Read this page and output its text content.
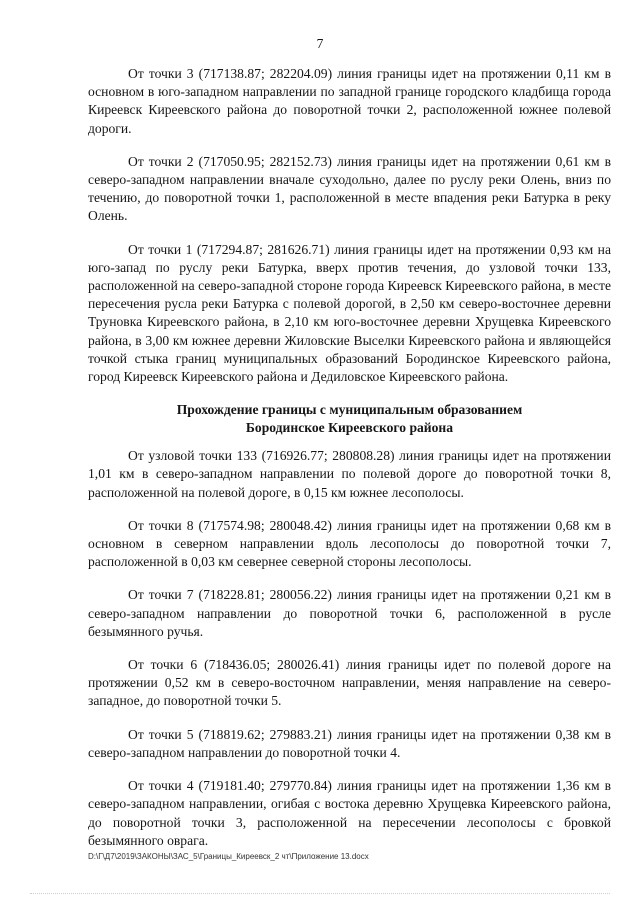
7

От точки 3 (717138.87; 282204.09) линия границы идет на протяжении 0,11 км в основном в юго-западном направлении по западной границе городского кладбища города Киреевск Киреевского района до поворотной точки 2, расположенной южнее полевой дороги.

От точки 2 (717050.95; 282152.73) линия границы идет на протяжении 0,61 км в северо-западном направлении вначале суходольно, далее по руслу реки Олень, вниз по течению, до поворотной точки 1, расположенной в месте впадения реки Батурка в реку Олень.

От точки 1 (717294.87; 281626.71) линия границы идет на протяжении 0,93 км на юго-запад по руслу реки Батурка, вверх против течения, до узловой точки 133, расположенной на северо-западной стороне города Киреевск Киреевского района, в месте пересечения русла реки Батурка с полевой дорогой, в 2,50 км северо-восточнее деревни Труновка Киреевского района, в 2,10 км юго-восточнее деревни Хрущевка Киреевского района, в 3,00 км южнее деревни Жиловские Выселки Киреевского района и являющейся точкой стыка границ муниципальных образований Бородинское Киреевского района, город Киреевск Киреевского района и Дедиловское Киреевского района.

Прохождение границы с муниципальным образованием
Бородинское Киреевского района

От узловой точки 133 (716926.77; 280808.28) линия границы идет на протяжении 1,01 км в северо-западном направлении по полевой дороге до поворотной точки 8, расположенной на полевой дороге, в 0,15 км южнее лесополосы.

От точки 8 (717574.98; 280048.42) линия границы идет на протяжении 0,68 км в основном в северном направлении вдоль лесополосы до поворотной точки 7, расположенной в 0,03 км севернее северной стороны лесополосы.

От точки 7 (718228.81; 280056.22) линия границы идет на протяжении 0,21 км в северо-западном направлении до поворотной точки 6, расположенной в русле безымянного ручья.

От точки 6 (718436.05; 280026.41) линия границы идет по полевой дороге на протяжении 0,52 км в северо-восточном направлении, меняя направление на северо-западное, до поворотной точки 5.

От точки 5 (718819.62; 279883.21) линия границы идет на протяжении 0,38 км в северо-западном направлении до поворотной точки 4.

От точки 4 (719181.40; 279770.84) линия границы идет на протяжении 1,36 км в северо-западном направлении, огибая с востока деревню Хрущевка Киреевского района, до поворотной точки 3, расположенной на пересечении лесополосы с бровкой безымянного оврага.

D:\Г\Д7\2019\ЗАКОНЫ\ЗАС_5\Границы_Киреевск_2 чт\Приложение 13.docx
